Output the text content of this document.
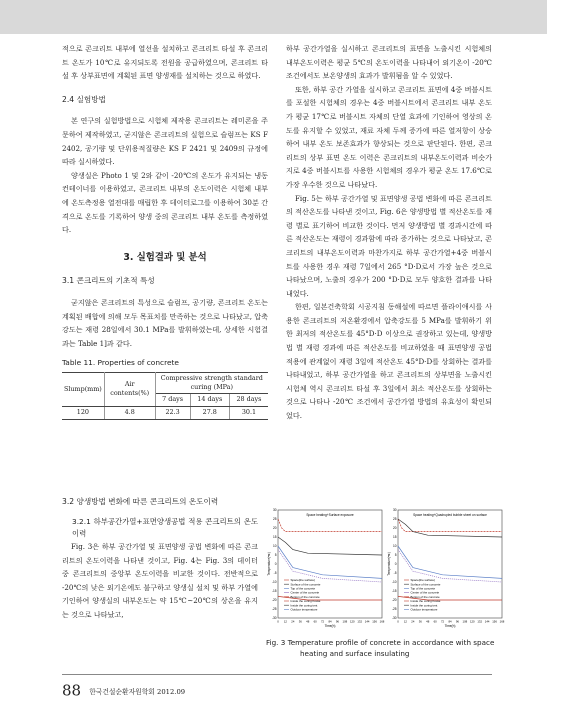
적으로 콘크리트 내부에 열선을 설치하고 콘크리트 타설 후 콘크리트 온도가 10℃로 유지되도록 전원을 공급하였으며, 콘크리트 타설 후 상부표면에 계획된 표면 양생재를 설치하는 것으로 하였다.

2.4 실험방법

본 연구의 실험방법으로 시험체 제작용 콘크리트는 레미콘을 주문하여 제작하였고, 굳지않은 콘크리트의 실험으로 슬럼프는 KS F 2402, 공기량 및 단위용적질량은 KS F 2421 및 2409의 규정에 따라 실시하였다.

양생실은 Photo 1 및 2와 같이 -20℃의 온도가 유지되는 냉동 컨테이너를 이용하였고, 콘크리트 내부의 온도이력은 시험체 내부에 온도측정용 열전대를 매립한 후 데이터로그를 이용하여 30분 간격으로 온도를 기록하여 양생 중의 콘크리트 내부 온도를 측정하였다.

3. 실험결과 및 분석

3.1 콘크리트의 기초적 특성

굳지않은 콘크리트의 특성으로 슬럼프, 공기량, 콘크리트 온도는 계획된 배합에 의해 모두 목표치를 만족하는 것으로 나타났고, 압축강도는 재령 28일에서 30.1 MPa를 발휘하였는데, 상세한 시험결과는 Table 1]과 같다.

Table 11. Properties of concrete
Slump(mm)	Air contents(%)	Compressive strength standard curing (MPa)		
		7 days	14 days	28 days
120	4.8	22.3	27.8	30.1

하부 공간가열을 실시하고 콘크리트의 표면을 노출시킨 시험체의 내부온도이력은 평균 5℃의 온도이력을 나타내어 외기온이 -20℃조건에서도 보온양생의 효과가 발휘됨을 알 수 있었다.

또한, 하부 공간 가열을 실시하고 콘크리트 표면에 4중 버블시트를 포설한 시험체의 경우는 4중 버블시트에서 콘크리트 내부 온도가 평균 17℃로 버블시트 자체의 단열 효과에 기인하여 영상의 온도를 유지할 수 있었고, 재료 자체 두께 증가에 따른 열저항이 상승하여 내부 온도 보존효과가 향상되는 것으로 판단된다. 한편, 콘크리트의 상부 표면 온도 이력은 콘크리트의 내부온도이력과 비슷가지로 4중 버블시트를 사용한 시험체의 경우가 평균 온도 17.6℃로 가장 우수한 것으로 나타났다.

Fig. 5는 하부 공간가열 및 표면양생 공법 변화에 따른 콘크리트의 적산온도를 나타낸 것이고, Fig. 6은 양생방법 별 적산온도를 재령 별로 표기하여 비교한 것이다. 먼저 양생방법 별 경과시간에 따른 적산온도는 재령이 경과함에 따라 증가하는 것으로 나타났고, 콘크리트의 내부온도이력과 마찬가지로 하부 공간가열+4중 버블시트를 사용한 경우 재령 7일에서 265 °D·D로서 가장 높은 것으로 나타났으며, 노출의 경우가 200 °D·D로 모두 양호한 결과를 나타내었다.

한편, 일본건축학회 시공지침 동해설에 따르면 플라이애시를 사용한 콘크리트의 저온환경에서 압축강도를 5 MPa를 발휘하기 위한 최저의 적산온도를 45°D·D 이상으로 권장하고 있는데, 양생방법 별 재령 경과에 따른 적산온도를 비교하였을 때 표면양생 공법 적용에 관계없이 재령 3일에 적산온도 45°D·D를 상회하는 결과를 나타내었고, 하부 공간가열을 하고 콘크리트의 상부면을 노출시킨 시험체 역시 콘크리트 타설 후 3일에서 최소 적산온도를 상회하는 것으로 나타나 -20℃ 조건에서 공간가열 방법의 유효성이 확인되었다.

3.2 양생방법 변화에 따른 콘크리트의 온도이력

3.2.1 하부공간가열+표면양생공법 적용 콘크리트의 온도이력

Fig. 3은 하부 공간가열 및 표면양생 공법 변화에 따른 콘크리트의 온도이력을 나타낸 것이고, Fig. 4는 Fig. 3의 데이터 중 콘크리트의 중앙부 온도이력을 비교한 것이다. 전반적으로 -20℃의 낮은 외기온에도 불구하고 양생실 설치 및 하부 가열에 기인하여 양생실의 내부온도는 약 15℃~20℃의 상온을 유지는 것으로 나타났고,

Space heating+Surface exposure
30
25
20
15
10
5
0
-5
-10
-15
-20
-25
-30
0 12 24 36 48 60 72 84 96 108 120 132 144 156 168
Time(h)
Temperature(℃)
Space(the surface)
Surface of the concrete
Top of the concrete
Center of the concrete
Bottom of the concrete
Inside the curing house
Inside the curing tent
Outdoor temperature
Space heating+Quadrupled bubble sheet on surface
30
25
20
15
10
5
0
-5
-10
-15
-20
-25
-30
0 12 24 36 48 60 72 84 96 108 120 132 144 156 168
Time(h)
Temperature(℃)
Space(the surface)
Surface of the concrete
Top of the concrete
Center of the concrete
Bottom of the concrete
Inside the curing house
Inside the curing tent
Outdoor temperature
Fig. 3 Temperature profile of concrete in accordance with space
heating and surface insulating
88 한국건설순환자원학회 2012.09
